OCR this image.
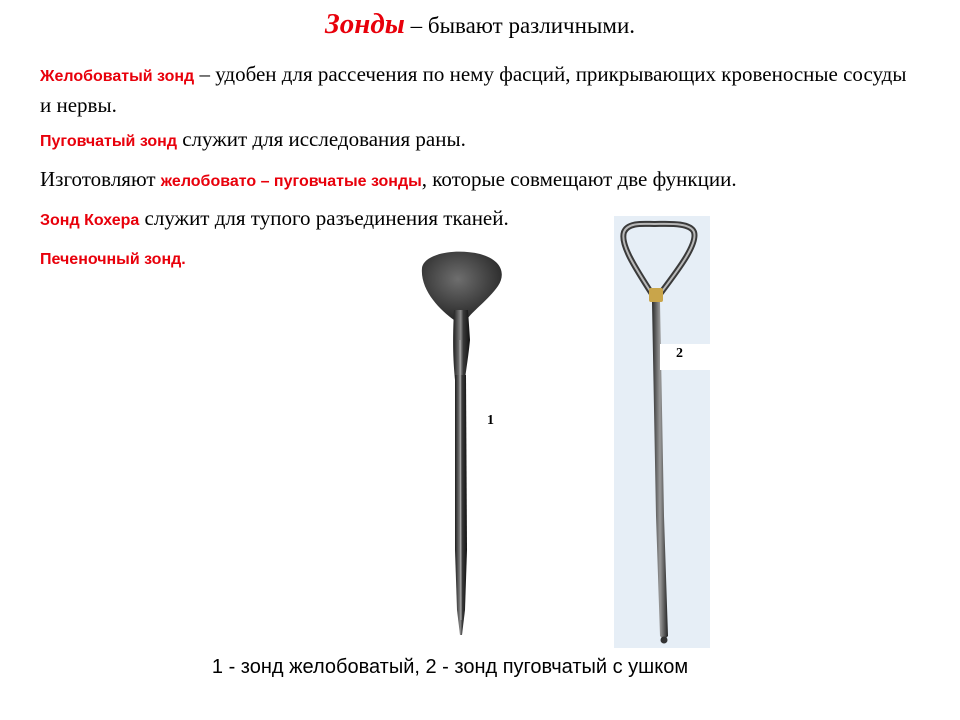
Зонды – бывают различными.
Желобоватый зонд – удобен для рассечения по нему фасций, прикрывающих кровеносные сосуды и нервы.
Пуговчатый зонд служит для исследования раны.
Изготовляют желобовато – пуговчатые зонды, которые совмещают две функции.
Зонд Кохера служит для тупого разъединения тканей.
Печеночный зонд.
1
2
1 - зонд желобоватый, 2 - зонд пуговчатый с ушком
